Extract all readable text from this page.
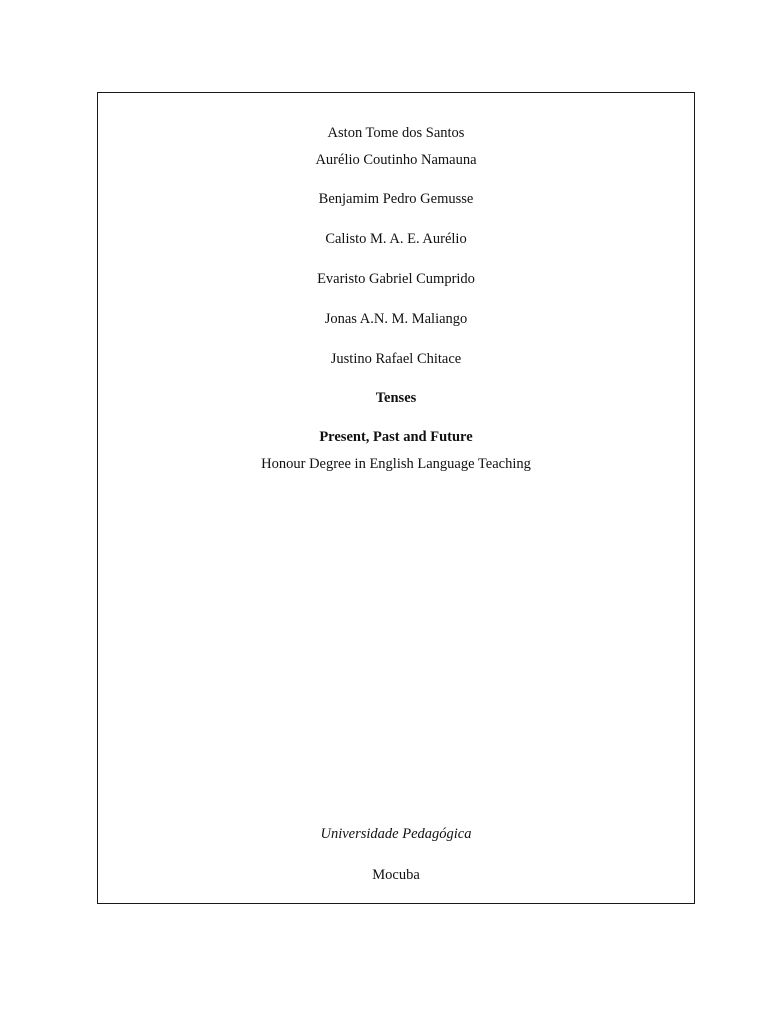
Aston Tome dos Santos
Aurélio Coutinho Namauna
Benjamim Pedro Gemusse
Calisto M. A. E. Aurélio
Evaristo Gabriel Cumprido
Jonas A.N. M. Maliango
Justino Rafael Chitace
Tenses
Present, Past and Future
Honour Degree in English Language Teaching
Universidade Pedagógica
Mocuba
